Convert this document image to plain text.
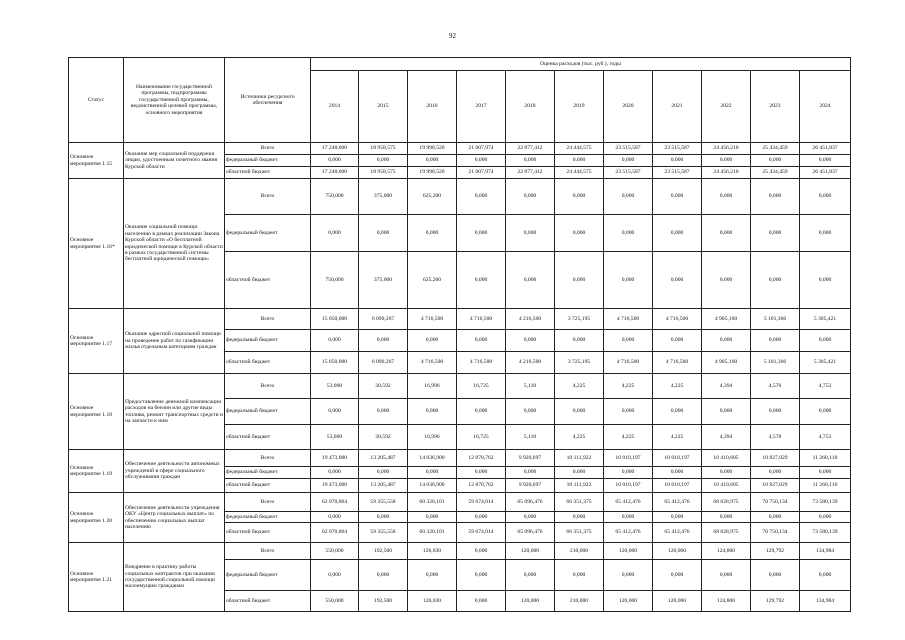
92
Статус	Наименование государственной программы, подпрограммы государственной программы, ведомственной целевой программы, основного мероприятия	Источники ресурсного обеспечения	Оценка расходов (тыс. руб.), годы										
			2014	2015	2016	2017	2018	2019	2020	2021	2022	2023	2024
Основное мероприятие 1.15	Оказание мер социальной поддержки лицам, удостоенным почетного звания Курской области	Всего	17 248,000	18 958,575	19 998,520	21 007,974	22 877,412	24 444,575	23 515,587	23 515,587	24 456,210	25 434,459	26 451,837
		федеральный бюджет	0,000	0,000	0,000	0,000	0,000	0,000	0,000	0,000	0,000	0,000	0,000
		областной бюджет	17 248,000	18 958,575	19 998,520	21 007,974	22 877,412	24 444,575	23 515,587	23 515,587	24 456,210	25 434,459	26 451,837
Основное мероприятие 1.16*	Оказание социальной помощи населению в рамках реализации Закона Курской области «О бесплатной юридической помощи в Курской области в рамках государственной системы бесплатной юридической помощи»	Всего	750,000	375,000	625,200	0,000	0,000	0,000	0,000	0,000	0,000	0,000	0,000
		федеральный бюджет	0,000	0,000	0,000	0,000	0,000	0,000	0,000	0,000	0,000	0,000	0,000
		областной бюджет	750,000	375,000	625,200	0,000	0,000	0,000	0,000	0,000	0,000	0,000	0,000
Основное мероприятие 1.17	Оказание адресной социальной помощи на проведение работ по газификации жилья отдельным категориям граждан	Всего	15 050,000	6 090,267	4 716,500	4 716,500	4 216,500	3 725,195	4 716,500	4 716,500	4 905,160	5 101,366	5 305,421
		федеральный бюджет	0,000	0,000	0,000	0,000	0,000	0,000	0,000	0,000	0,000	0,000	0,000
		областной бюджет	15 050,000	6 090,267	4 716,500	4 716,500	4 216,500	3 725,195	4 716,500	4 716,500	4 905,160	5 101,366	5 305,421
Основное мероприятие 1.18	Предоставление денежной компенсации расходов на бензин или другие виды топлива, ремонт транспортных средств и на запчасти к ним	Всего	53,000	30,592	16,996	16,725	5,110	4,225	4,225	4,225	4,394	4,570	4,753
		федеральный бюджет	0,000	0,000	0,000	0,000	0,000	0,000	0,000	0,000	0,000	0,000	0,000
		областной бюджет	53,000	30,592	16,996	16,725	5,110	4,225	4,225	4,225	4,394	4,570	4,753
Основное мероприятие 1.19	Обеспечение деятельности автономных учреждений в сфере социального обслуживания граждан	Всего	19 473,000	13 205,487	14 036,900	12 878,762	9 920,697	10 111,922	10 010,197	10 010,197	10 410,605	10 827,029	11 260,110
		федеральный бюджет	0,000	0,000	0,000	0,000	0,000	0,000	0,000	0,000	0,000	0,000	0,000
		областной бюджет	19 473,000	13 205,487	14 036,900	12 878,762	9 920,697	10 111,922	10 010,197	10 010,197	10 410,605	10 827,029	11 260,110
Основное мероприятие 1.20	Обеспечение деятельности учреждения ОКУ «Центр социальных выплат» по обеспечению социальных выплат населению	Всего	62 070,864	59 355,558	60 320,101	59 674,014	65 096,476	66 351,375	65 412,476	65 412,476	68 028,975	70 750,134	73 580,139
		федеральный бюджет	0,000	0,000	0,000	0,000	0,000	0,000	0,000	0,000	0,000	0,000	0,000
		областной бюджет	62 070,864	59 355,558	60 320,101	59 674,014	65 096,476	66 351,375	65 412,476	65 412,476	68 028,975	70 750,134	73 580,139
Основное мероприятие 1.21	Внедрение в практику работы социальных контрактов при оказании государственной социальной помощи малоимущим гражданам	Всего	550,000	192,500	126,030	0,000	120,000	210,000	120,000	120,000	124,800	129,792	134,984
		федеральный бюджет	0,000	0,000	0,000	0,000	0,000	0,000	0,000	0,000	0,000	0,000	0,000
		областной бюджет	550,000	192,500	126,030	0,000	120,000	210,000	120,000	120,000	124,800	129,792	134,984
